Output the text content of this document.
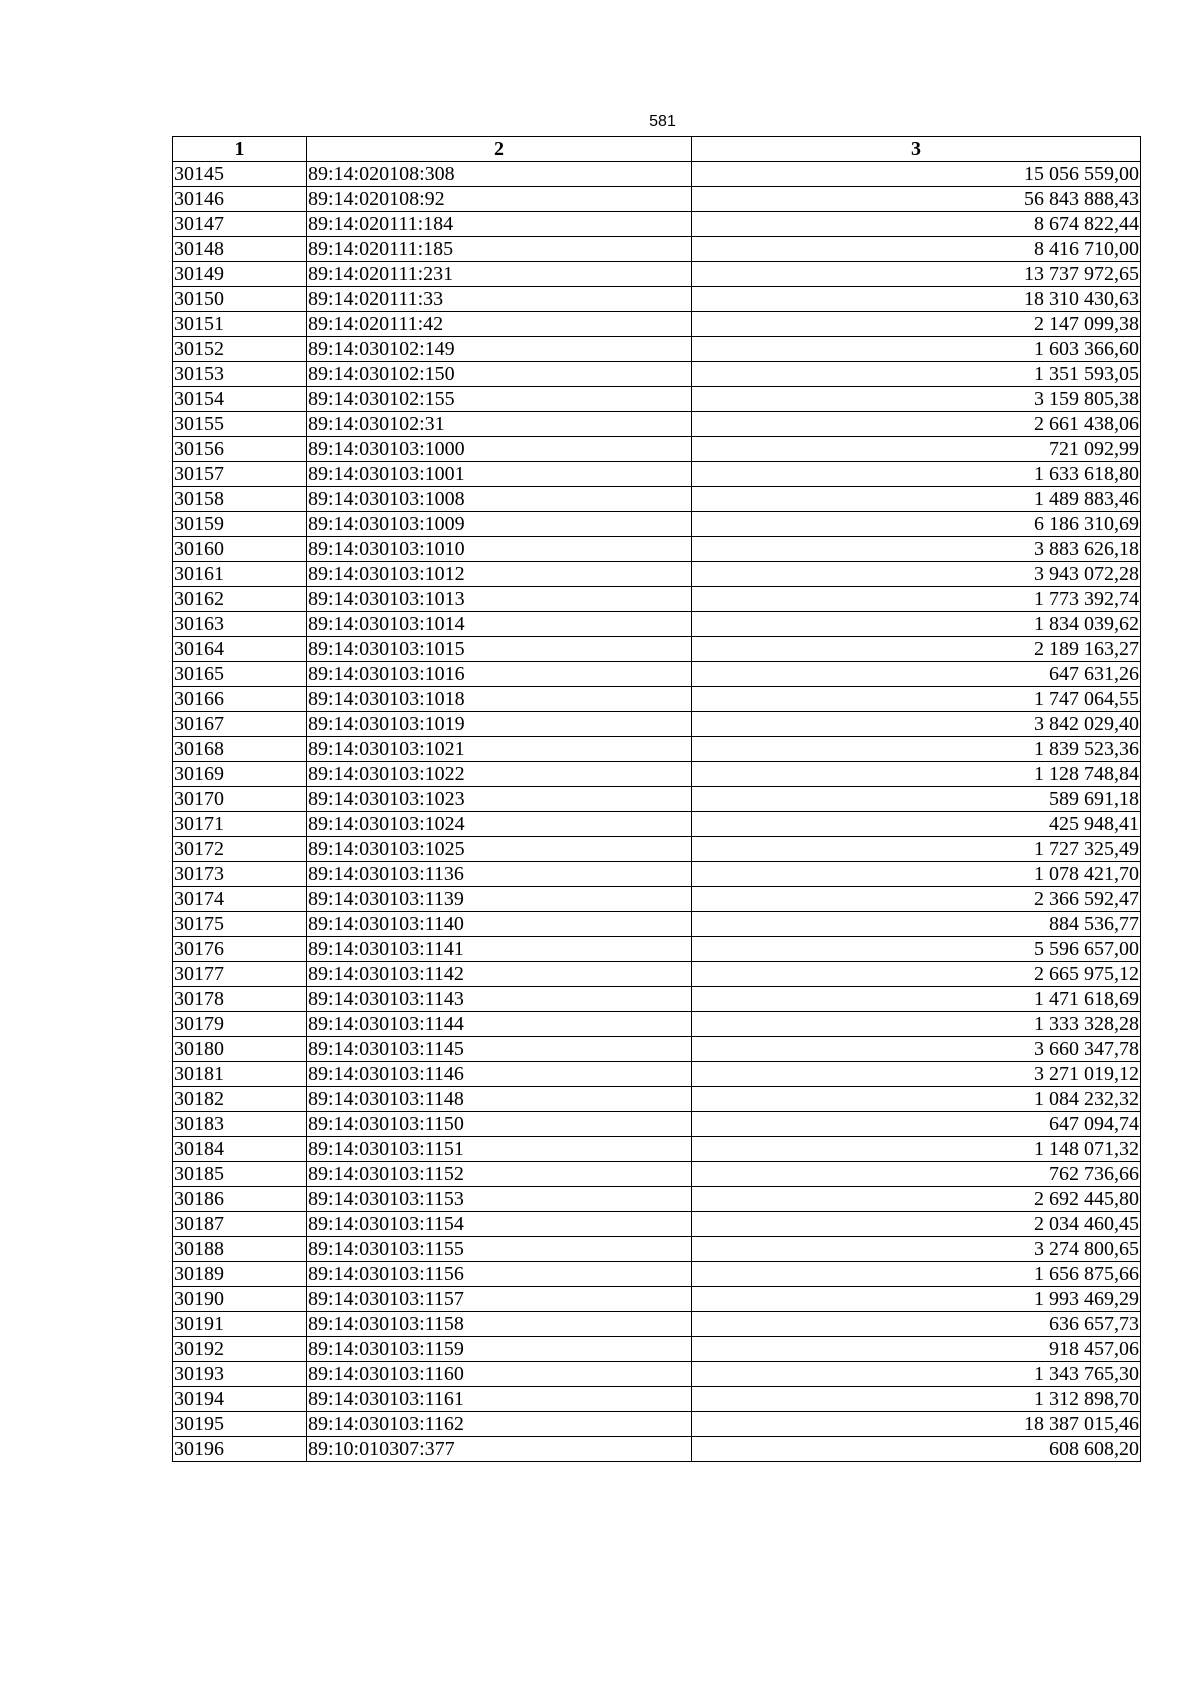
581
1	2	3
30145	89:14:020108:308	15 056 559,00
30146	89:14:020108:92	56 843 888,43
30147	89:14:020111:184	8 674 822,44
30148	89:14:020111:185	8 416 710,00
30149	89:14:020111:231	13 737 972,65
30150	89:14:020111:33	18 310 430,63
30151	89:14:020111:42	2 147 099,38
30152	89:14:030102:149	1 603 366,60
30153	89:14:030102:150	1 351 593,05
30154	89:14:030102:155	3 159 805,38
30155	89:14:030102:31	2 661 438,06
30156	89:14:030103:1000	721 092,99
30157	89:14:030103:1001	1 633 618,80
30158	89:14:030103:1008	1 489 883,46
30159	89:14:030103:1009	6 186 310,69
30160	89:14:030103:1010	3 883 626,18
30161	89:14:030103:1012	3 943 072,28
30162	89:14:030103:1013	1 773 392,74
30163	89:14:030103:1014	1 834 039,62
30164	89:14:030103:1015	2 189 163,27
30165	89:14:030103:1016	647 631,26
30166	89:14:030103:1018	1 747 064,55
30167	89:14:030103:1019	3 842 029,40
30168	89:14:030103:1021	1 839 523,36
30169	89:14:030103:1022	1 128 748,84
30170	89:14:030103:1023	589 691,18
30171	89:14:030103:1024	425 948,41
30172	89:14:030103:1025	1 727 325,49
30173	89:14:030103:1136	1 078 421,70
30174	89:14:030103:1139	2 366 592,47
30175	89:14:030103:1140	884 536,77
30176	89:14:030103:1141	5 596 657,00
30177	89:14:030103:1142	2 665 975,12
30178	89:14:030103:1143	1 471 618,69
30179	89:14:030103:1144	1 333 328,28
30180	89:14:030103:1145	3 660 347,78
30181	89:14:030103:1146	3 271 019,12
30182	89:14:030103:1148	1 084 232,32
30183	89:14:030103:1150	647 094,74
30184	89:14:030103:1151	1 148 071,32
30185	89:14:030103:1152	762 736,66
30186	89:14:030103:1153	2 692 445,80
30187	89:14:030103:1154	2 034 460,45
30188	89:14:030103:1155	3 274 800,65
30189	89:14:030103:1156	1 656 875,66
30190	89:14:030103:1157	1 993 469,29
30191	89:14:030103:1158	636 657,73
30192	89:14:030103:1159	918 457,06
30193	89:14:030103:1160	1 343 765,30
30194	89:14:030103:1161	1 312 898,70
30195	89:14:030103:1162	18 387 015,46
30196	89:10:010307:377	608 608,20
